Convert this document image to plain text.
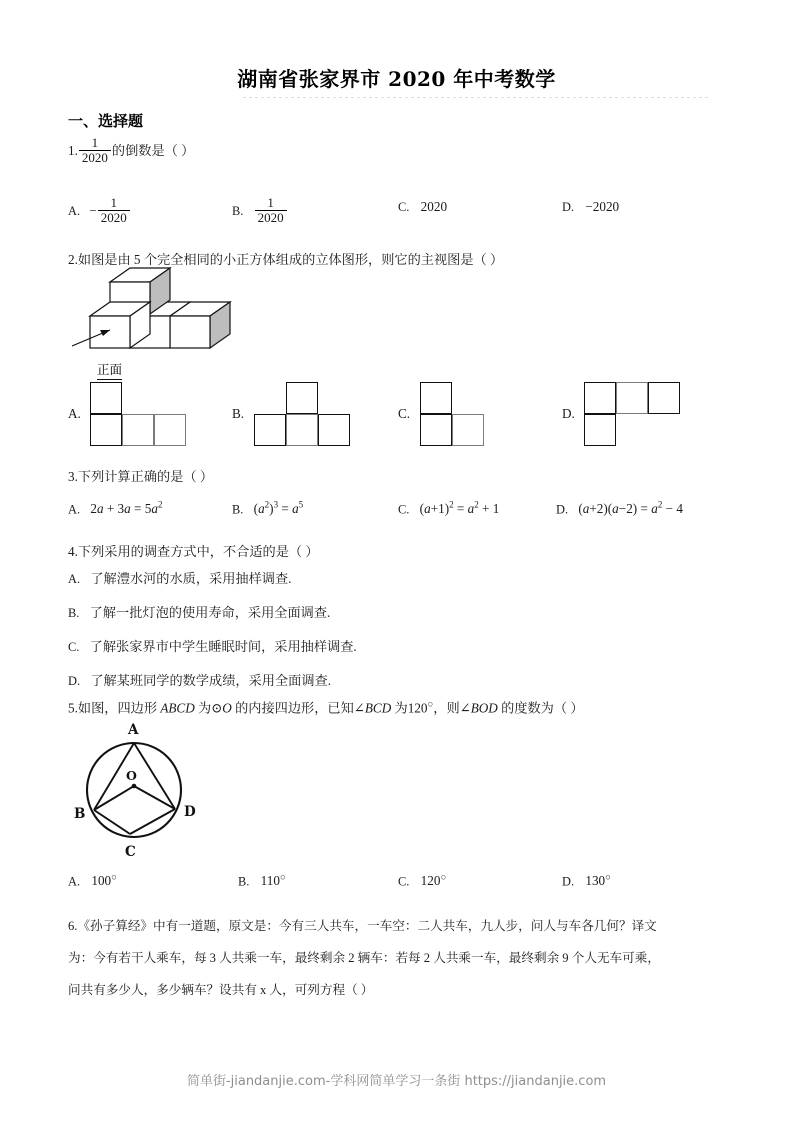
湖南省张家界市 2020 年中考数学
一、选择题
1. $\frac{1}{2020}$ 的倒数是（ ）
A. − $\frac{1}{2020}$	B. $\frac{1}{2020}$	C. 2020	D. −2020
2.如图是由 5 个完全相同的小正方体组成的立体图形，则它的主视图是（ ）
正面
A.	B.	C.	D.
3.下列计算正确的是（ ）
A. $2a + 3a = 5a^2$	B. $(a^2)^3 = a^5$	C. $(a+1)^2 = a^2 + 1$	D. $(a+2)(a-2) = a^2 - 4$
4.下列采用的调查方式中，不合适的是（ ）
A. 了解澧水河的水质，采用抽样调查.
B. 了解一批灯泡的使用寿命，采用全面调查.
C. 了解张家界市中学生睡眠时间，采用抽样调查.
D. 了解某班同学的数学成绩，采用全面调查.
5.如图，四边形 ABCD 为⊙O 的内接四边形，已知∠BCD 为120○，则∠BOD 的度数为（ ）
A
B
C
D
O
A. 100○	B. 110○	C. 120○	D. 130○
6.《孙子算经》中有一道题，原文是：今有三人共车，一车空：二人共车，九人步，问人与车各几何？译文
为：今有若干人乘车，每 3 人共乘一车，最终剩余 2 辆车：若每 2 人共乘一车，最终剩余 9 个人无车可乘，
问共有多少人，多少辆车？设共有 x 人，可列方程（ ）
简单街-jiandanjie.com-学科网简单学习一条街 https://jiandanjie.com
